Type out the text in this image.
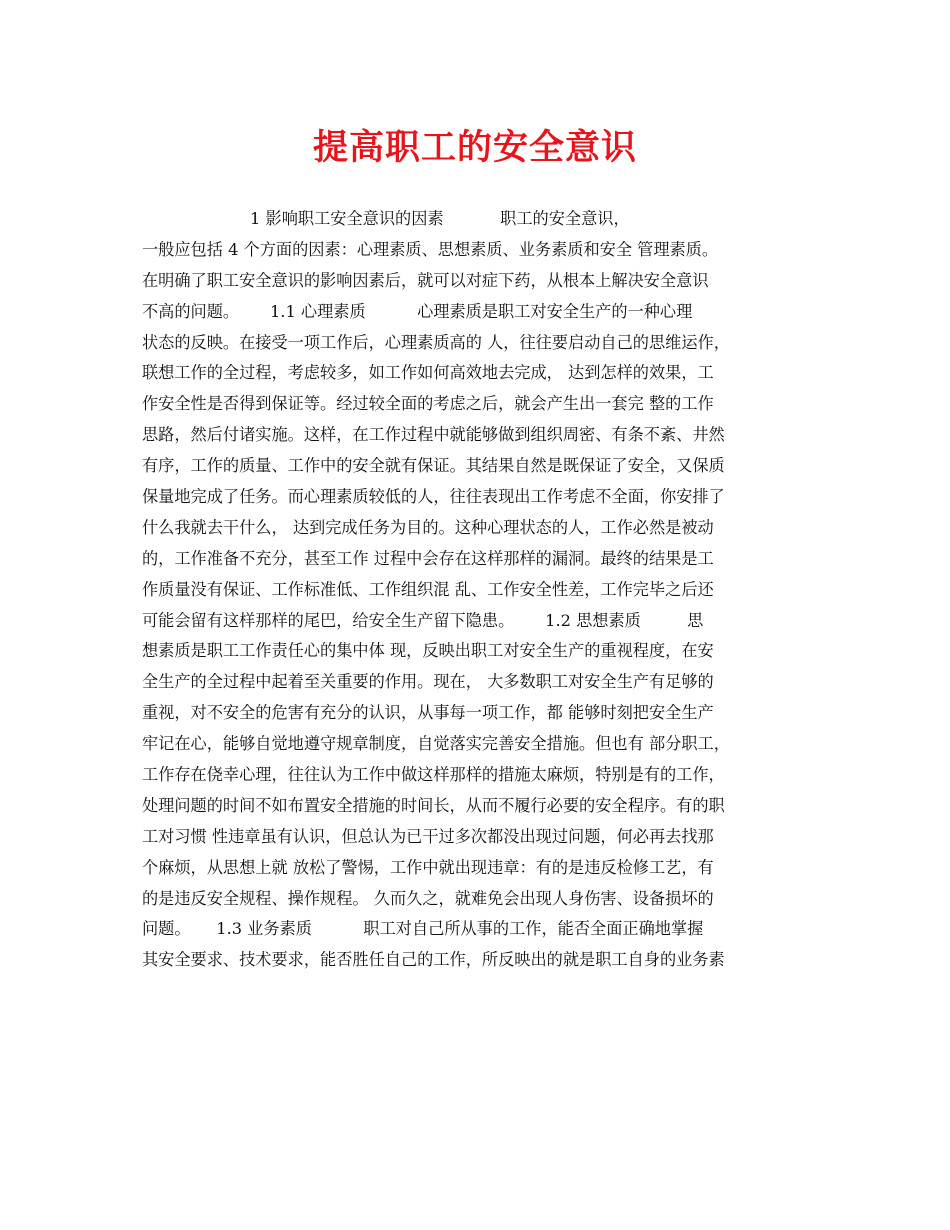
提高职工的安全意识
1 影响职工安全意识的因素           职工的安全意识，
一般应包括 4 个方面的因素：心理素质、思想素质、业务素质和安全 管理素质。
在明确了职工安全意识的影响因素后，就可以对症下药，从根本上解决安全意识
不高的问题。      1.1 心理素质          心理素质是职工对安全生产的一种心理
状态的反映。在接受一项工作后，心理素质高的 人，往往要启动自己的思维运作，
联想工作的全过程，考虑较多，如工作如何高效地去完成， 达到怎样的效果，工
作安全性是否得到保证等。经过较全面的考虑之后，就会产生出一套完 整的工作
思路，然后付诸实施。这样，在工作过程中就能够做到组织周密、有条不紊、井然
有序，工作的质量、工作中的安全就有保证。其结果自然是既保证了安全，又保质
保量地完成了任务。而心理素质较低的人，往往表现出工作考虑不全面，你安排了
什么我就去干什么， 达到完成任务为目的。这种心理状态的人，工作必然是被动
的，工作准备不充分，甚至工作 过程中会存在这样那样的漏洞。最终的结果是工
作质量没有保证、工作标准低、工作组织混 乱、工作安全性差，工作完毕之后还
可能会留有这样那样的尾巴，给安全生产留下隐患。      1.2 思想素质         思
想素质是职工工作责任心的集中体 现，反映出职工对安全生产的重视程度，在安
全生产的全过程中起着至关重要的作用。现在， 大多数职工对安全生产有足够的
重视，对不安全的危害有充分的认识，从事每一项工作，都 能够时刻把安全生产
牢记在心，能够自觉地遵守规章制度，自觉落实完善安全措施。但也有 部分职工，
工作存在侥幸心理，往往认为工作中做这样那样的措施太麻烦，特别是有的工作，
处理问题的时间不如布置安全措施的时间长，从而不履行必要的安全程序。有的职
工对习惯 性违章虽有认识，但总认为已干过多次都没出现过问题，何必再去找那
个麻烦，从思想上就 放松了警惕，工作中就出现违章：有的是违反检修工艺，有
的是违反安全规程、操作规程。 久而久之，就难免会出现人身伤害、设备损坏的
问题。     1.3 业务素质          职工对自己所从事的工作，能否全面正确地掌握
其安全要求、技术要求，能否胜任自己的工作，所反映出的就是职工自身的业务素
